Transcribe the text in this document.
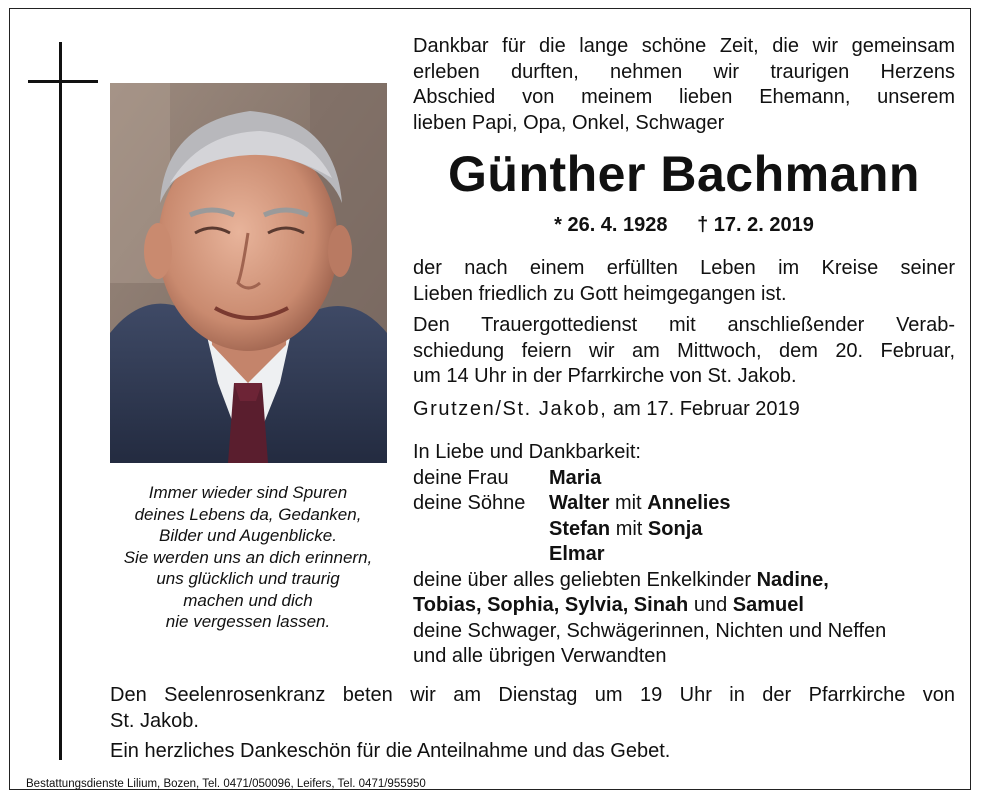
Immer wieder sind Spuren
deines Lebens da, Gedanken,
Bilder und Augenblicke.
Sie werden uns an dich erinnern,
uns glücklich und traurig
machen und dich
nie vergessen lassen.
Dankbar für die lange schöne Zeit, die wir gemeinsam
erleben durften, nehmen wir traurigen Herzens
Abschied von meinem lieben Ehemann, unserem
lieben Papi, Opa, Onkel, Schwager
Günther Bachmann
* 26. 4. 1928 † 17. 2. 2019
der nach einem erfüllten Leben im Kreise seiner
Lieben friedlich zu Gott heimgegangen ist.
Den Trauergottedienst mit anschließender Verab-
schiedung feiern wir am Mittwoch, dem 20. Februar,
um 14 Uhr in der Pfarrkirche von St. Jakob.
Grutzen/St. Jakob, am 17. Februar 2019
In Liebe und Dankbarkeit:
deine Frau Maria
deine Söhne Walter mit Annelies
Stefan mit Sonja
Elmar
deine über alles geliebten Enkelkinder Nadine,
Tobias, Sophia, Sylvia, Sinah und Samuel
deine Schwager, Schwägerinnen, Nichten und Neffen
und alle übrigen Verwandten
Den Seelenrosenkranz beten wir am Dienstag um 19 Uhr in der Pfarrkirche von
St. Jakob.
Ein herzliches Dankeschön für die Anteilnahme und das Gebet.
Bestattungsdienste Lilium, Bozen, Tel. 0471/050096, Leifers, Tel. 0471/955950
